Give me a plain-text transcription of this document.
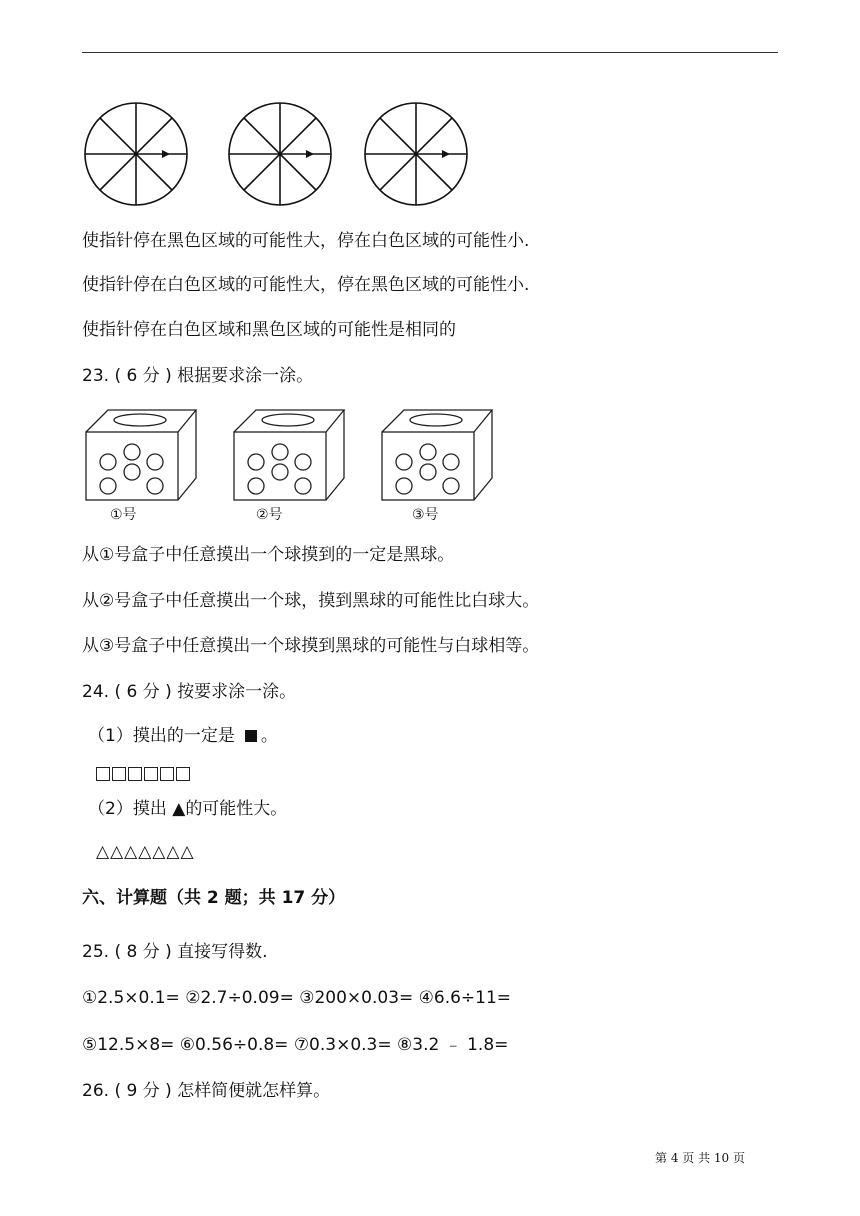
使指针停在黑色区域的可能性大，停在白色区域的可能性小.
使指针停在白色区域的可能性大，停在黑色区域的可能性小.
使指针停在白色区域和黑色区域的可能性是相同的
23. ( 6 分 ) 根据要求涂一涂。
①号	②号	③号
从①号盒子中任意摸出一个球摸到的一定是黑球。
从②号盒子中任意摸出一个球，摸到黑球的可能性比白球大。
从③号盒子中任意摸出一个球摸到黑球的可能性与白球相等。
24. ( 6 分 ) 按要求涂一涂。
（1）摸出的一定是 。
（2）摸出 ▲的可能性大。
△△△△△△△
六、计算题（共 2 题；共 17 分）
25. ( 8 分 ) 直接写得数.
①2.5×0.1= ②2.7÷0.09= ③200×0.03= ④6.6÷11=
⑤12.5×8= ⑥0.56÷0.8= ⑦0.3×0.3= ⑧3.2 ﹣ 1.8=
26. ( 9 分 ) 怎样简便就怎样算。
第 4 页 共 10 页
